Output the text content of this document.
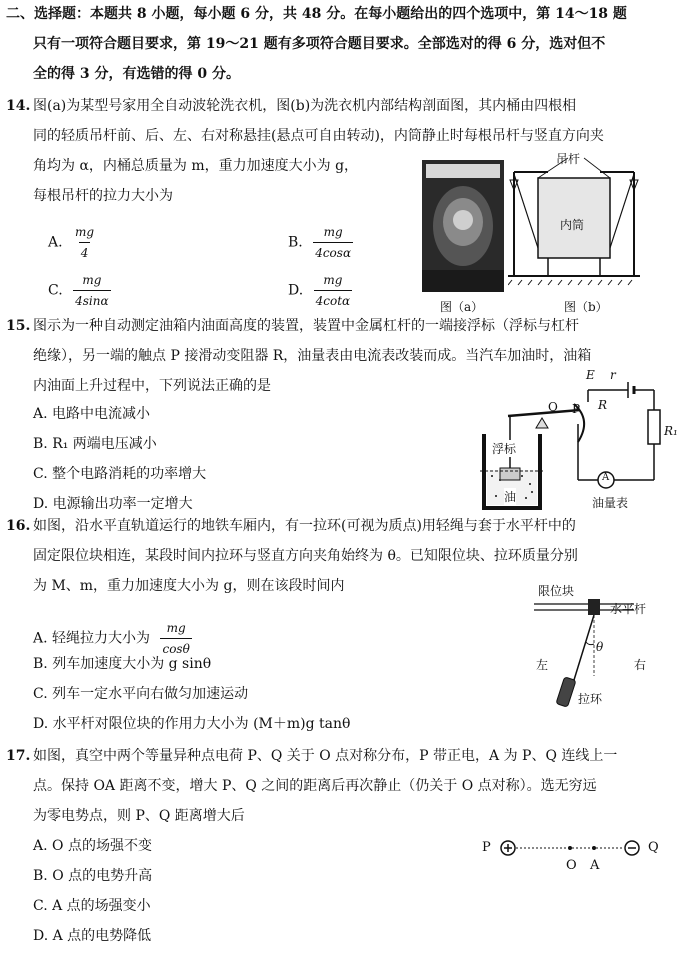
二、选择题：本题共 8 小题，每小题 6 分，共 48 分。在每小题给出的四个选项中，第 14～18 题
只有一项符合题目要求，第 19～21 题有多项符合题目要求。全部选对的得 6 分，选对但不
全的得 3 分，有选错的得 0 分。
14. 图(a)为某型号家用全自动波轮洗衣机，图(b)为洗衣机内部结构剖面图，其内桶由四根相
同的轻质吊杆前、后、左、右对称悬挂(悬点可自由转动)，内筒静止时每根吊杆与竖直方向夹
角均为 α，内桶总质量为 m，重力加速度大小为 g，
每根吊杆的拉力大小为
A. $\frac{mg}{4}$	B. $\frac{mg}{4\cos\alpha}$
C. $\frac{mg}{4\sin\alpha}$	D. $\frac{mg}{4\cot\alpha}$	图（a）
吊杆
内筒
图（b）
15. 图示为一种自动测定油箱内油面高度的装置，装置中金属杠杆的一端接浮标（浮标与杠杆
绝缘），另一端的触点 P 接滑动变阻器 R，油量表由电流表改装而成。当汽车加油时，油箱
内油面上升过程中，下列说法正确的是
A. 电路中电流减小
B. R₁ 两端电压减小
C. 整个电路消耗的功率增大
D. 电源输出功率一定增大
E r
O P R
R₁
浮标
油
A
油量表
16. 如图，沿水平直轨道运行的地铁车厢内，有一拉环(可视为质点)用轻绳与套于水平杆中的
固定限位块相连，某段时间内拉环与竖直方向夹角始终为 θ。已知限位块、拉环质量分别
为 M、m，重力加速度大小为 g，则在该段时间内
A. 轻绳拉力大小为 $\frac{mg}{\cos\theta}$
B. 列车加速度大小为 g sinθ
C. 列车一定水平向右做匀加速运动
D. 水平杆对限位块的作用力大小为 (M＋m)g tanθ
限位块
水平杆
左
θ
右
拉环
17. 如图，真空中两个等量异种点电荷 P、Q 关于 O 点对称分布，P 带正电，A 为 P、Q 连线上一
点。保持 OA 距离不变，增大 P、Q 之间的距离后再次静止（仍关于 O 点对称）。选无穷远
为零电势点，则 P、Q 距离增大后
A. O 点的场强不变
B. O 点的电势升高
C. A 点的场强变小
D. A 点的电势降低
P
O A
Q
